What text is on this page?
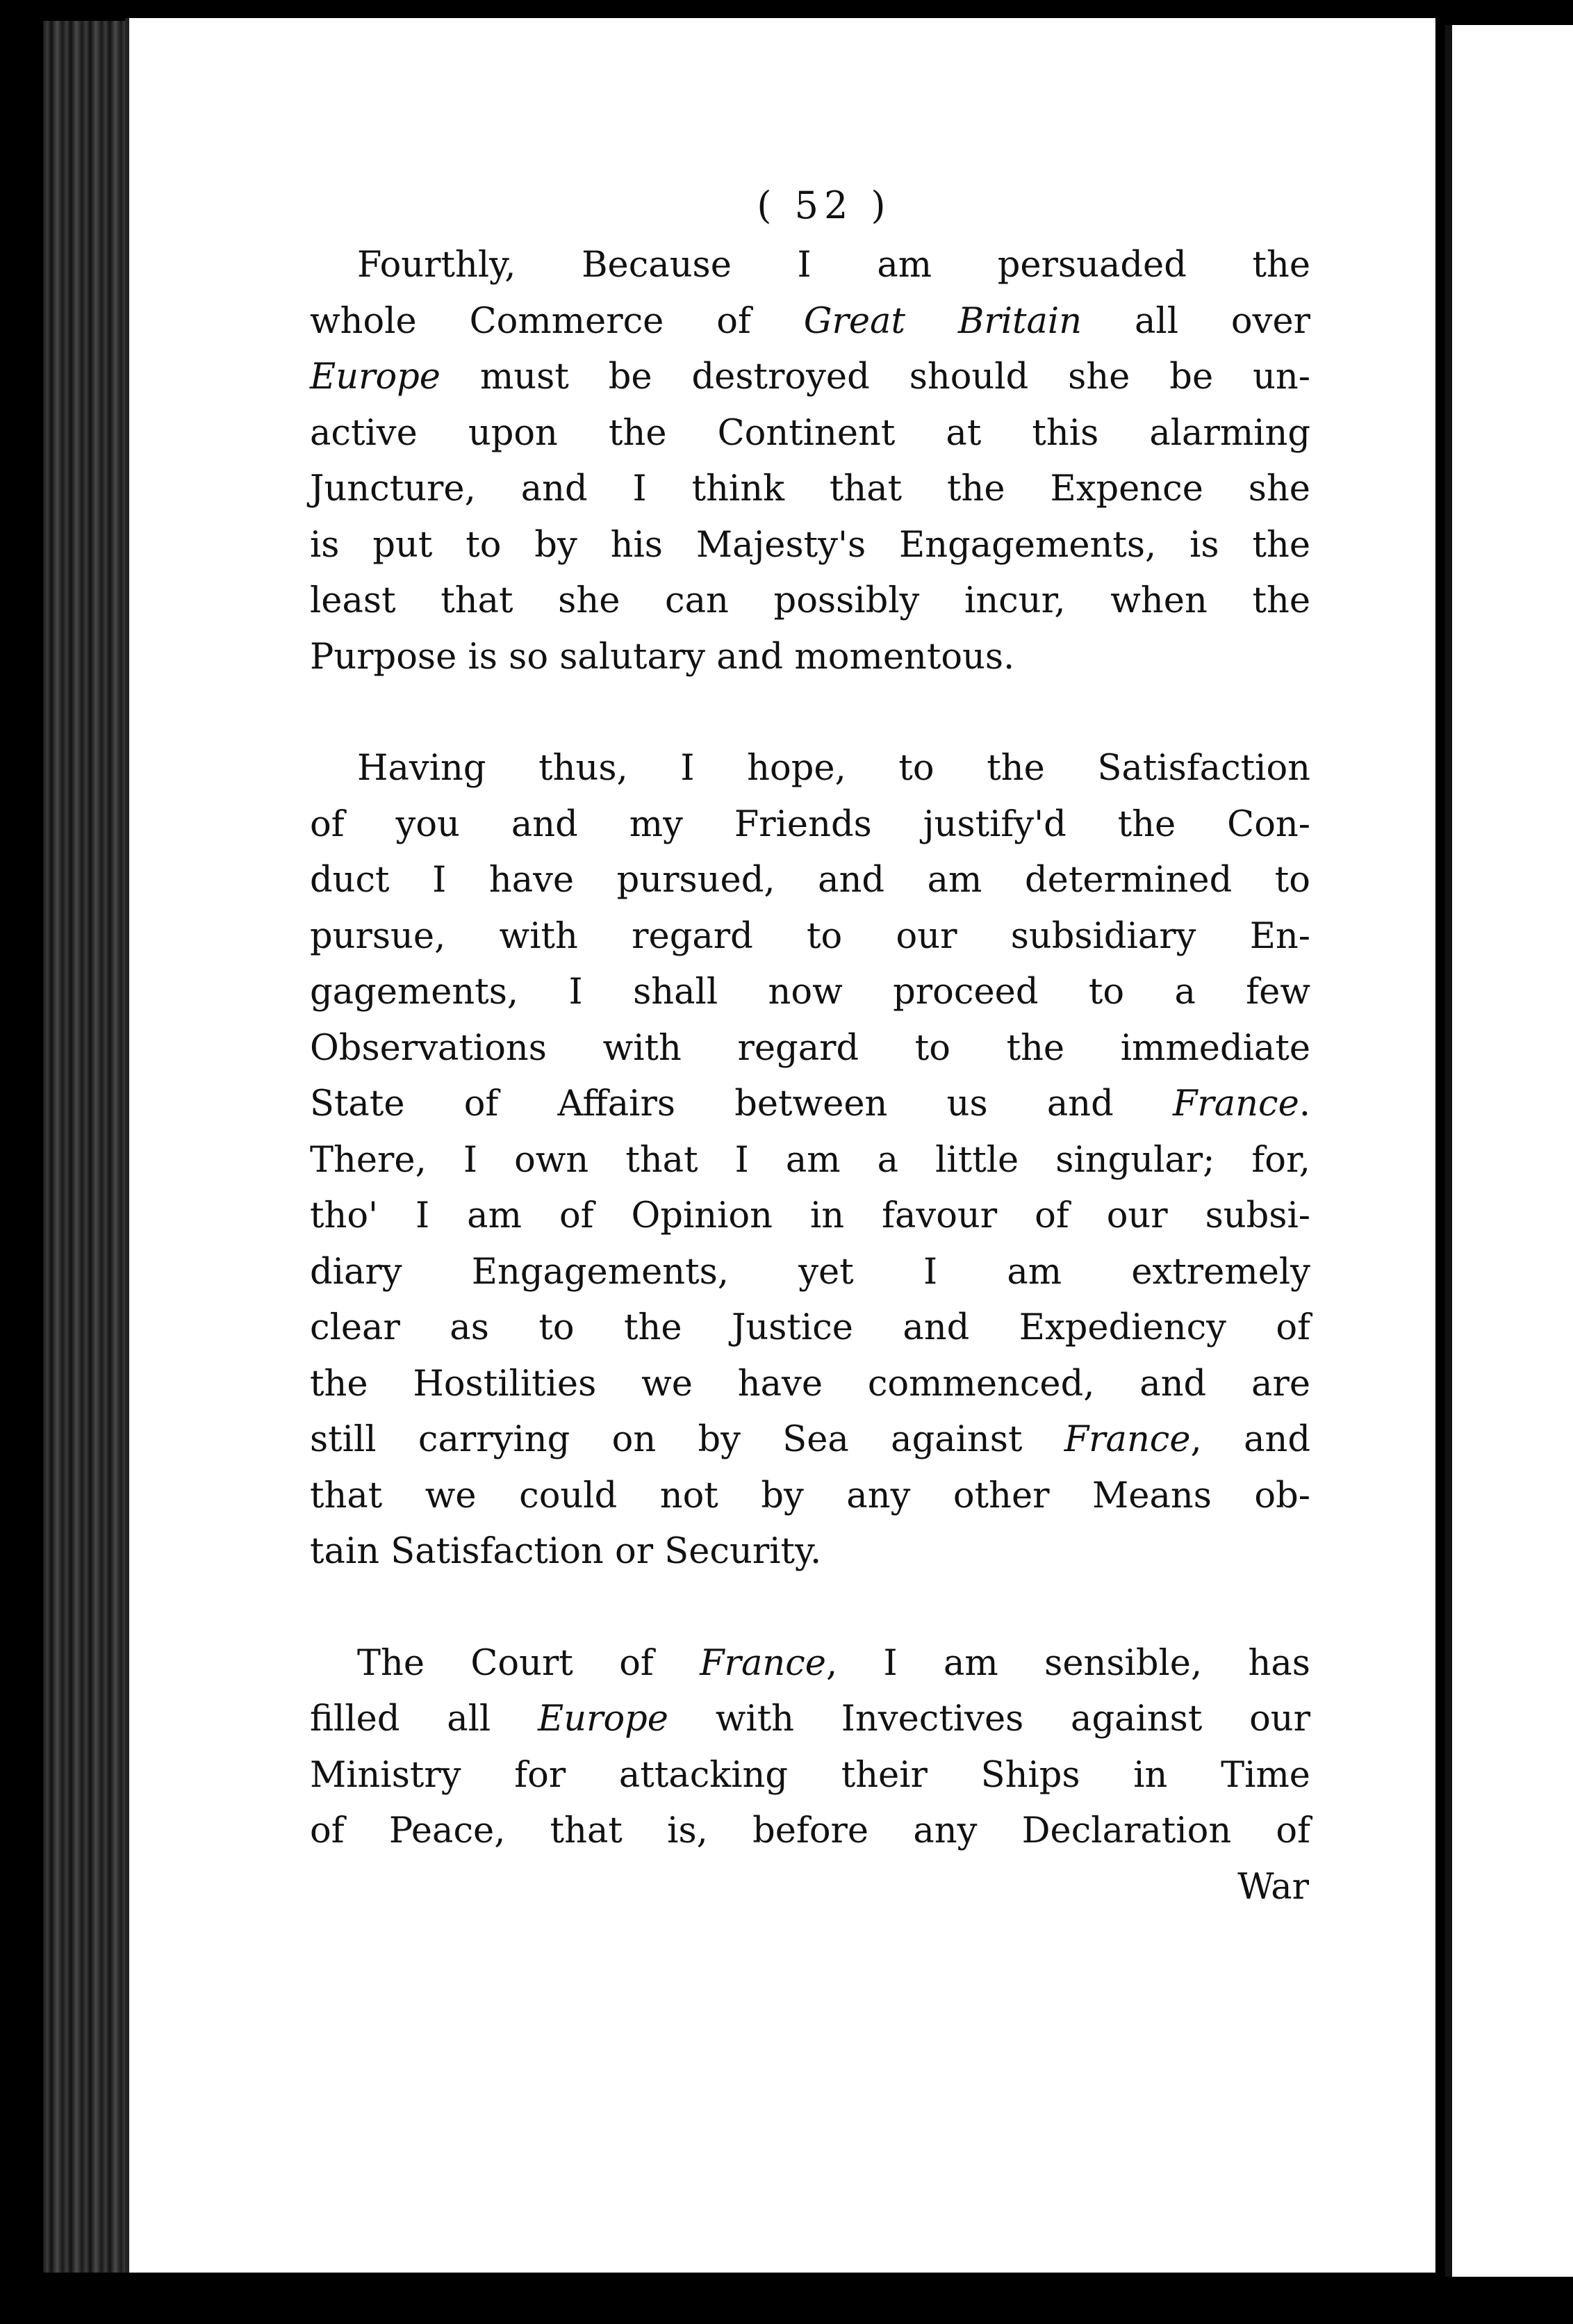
( 52 )
Fourthly, Because I am persuaded the
whole Commerce of Great Britain all over
Europe must be destroyed should she be un-
active upon the Continent at this alarming
Juncture, and I think that the Expence she
is put to by his Majesty's Engagements, is the
least that she can possibly incur, when the
Purpose is so salutary and momentous.
Having thus, I hope, to the Satisfaction
of you and my Friends justify'd the Con-
duct I have pursued, and am determined to
pursue, with regard to our subsidiary En-
gagements, I shall now proceed to a few
Observations with regard to the immediate
State of Affairs between us and France.
There, I own that I am a little singular; for,
tho' I am of Opinion in favour of our subsi-
diary Engagements, yet I am extremely
clear as to the Justice and Expediency of
the Hostilities we have commenced, and are
still carrying on by Sea against France, and
that we could not by any other Means ob-
tain Satisfaction or Security.
The Court of France, I am sensible, has
filled all Europe with Invectives against our
Ministry for attacking their Ships in Time
of Peace, that is, before any Declaration of
War
